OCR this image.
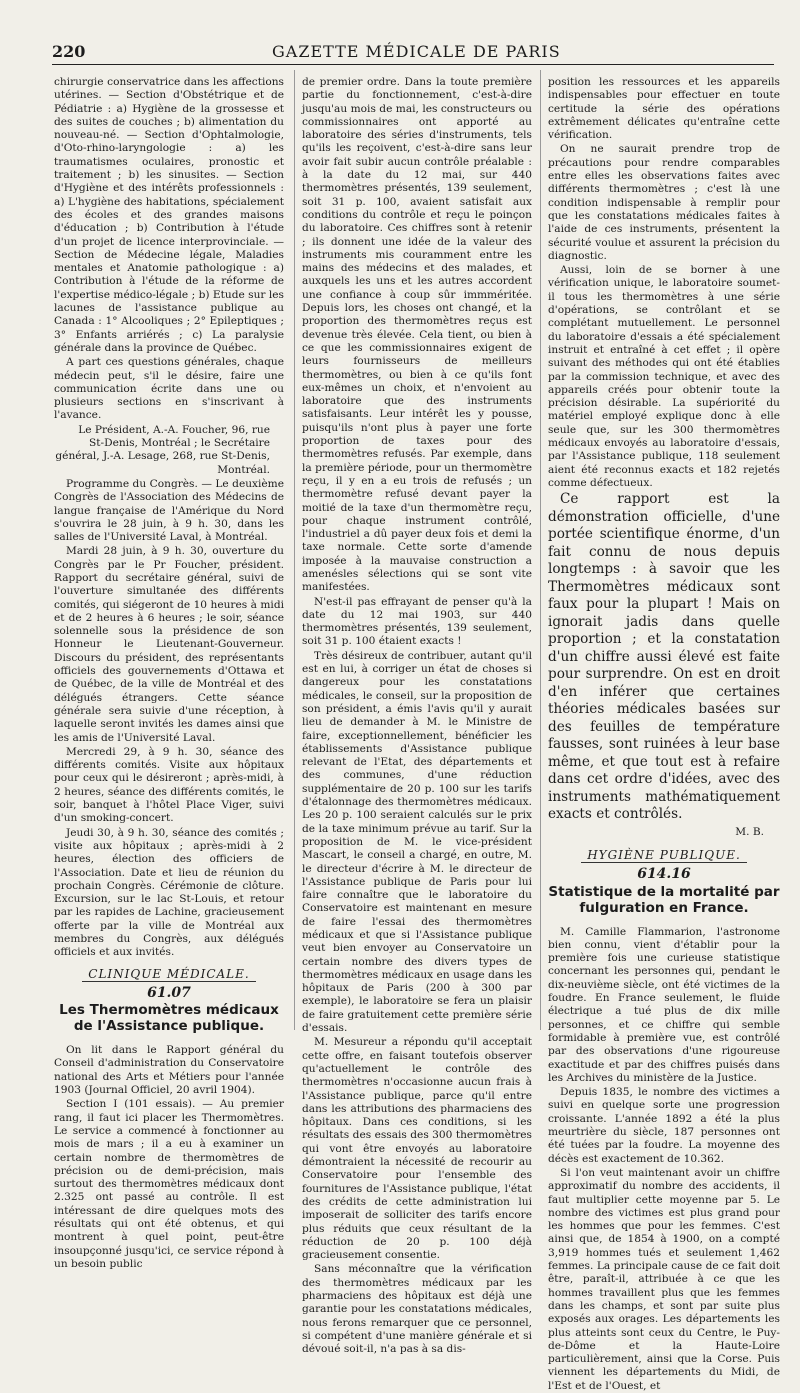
220	GAZETTE MÉDICALE DE PARIS

chirurgie conservatrice dans les affections utérines. — Section d'Obstétrique et de Pédiatrie : a) Hygiène de la grossesse et des suites de couches ; b) alimentation du nouveau-né. — Section d'Ophtalmologie, d'Oto-rhino-laryngologie : a) les traumatismes oculaires, pronostic et traitement ; b) les sinusites. — Section d'Hygiène et des intérêts professionnels : a) L'hygiène des habitations, spécialement des écoles et des grandes maisons d'éducation ; b) Contribution à l'étude d'un projet de licence interprovinciale. — Section de Médecine légale, Maladies mentales et Anatomie pathologique : a) Contribution à l'étude de la réforme de l'expertise médico-légale ; b) Etude sur les lacunes de l'assistance publique au Canada : 1° Alcooliques ; 2° Epileptiques ; 3° Enfants arriérés ; c) La paralysie générale dans la province de Québec.

A part ces questions générales, chaque médecin peut, s'il le désire, faire une communication écrite dans une ou plusieurs sections en s'inscrivant à l'avance.

Le Président, A.-A. Foucher, 96, rue St-Denis, Montréal ; le Secrétaire général, J.-A. Lesage, 268, rue St-Denis, Montréal.

Programme du Congrès. — Le deuxième Congrès de l'Association des Médecins de langue française de l'Amérique du Nord s'ouvrira le 28 juin, à 9 h. 30, dans les salles de l'Université Laval, à Montréal.

Mardi 28 juin, à 9 h. 30, ouverture du Congrès par le Pr Foucher, président. Rapport du secrétaire général, suivi de l'ouverture simultanée des différents comités, qui siégeront de 10 heures à midi et de 2 heures à 6 heures ; le soir, séance solennelle sous la présidence de son Honneur le Lieutenant-Gouverneur. Discours du président, des représentants officiels des gouvernements d'Ottawa et de Québec, de la ville de Montréal et des délégués étrangers. Cette séance générale sera suivie d'une réception, à laquelle seront invités les dames ainsi que les amis de l'Université Laval.

Mercredi 29, à 9 h. 30, séance des différents comités. Visite aux hôpitaux pour ceux qui le désireront ; après-midi, à 2 heures, séance des différents comités, le soir, banquet à l'hôtel Place Viger, suivi d'un smoking-concert.

Jeudi 30, à 9 h. 30, séance des comités ; visite aux hôpitaux ; après-midi à 2 heures, élection des officiers de l'Association. Date et lieu de réunion du prochain Congrès. Cérémonie de clôture. Excursion, sur le lac St-Louis, et retour par les rapides de Lachine, gracieusement offerte par la ville de Montréal aux membres du Congrès, aux délégués officiels et aux invités.

CLINIQUE MÉDICALE.
61.07
Les Thermomètres médicaux de l'Assistance publique.

On lit dans le Rapport général du Conseil d'administration du Conservatoire national des Arts et Métiers pour l'année 1903 (Journal Officiel, 20 avril 1904).

Section I (101 essais). — Au premier rang, il faut ici placer les Thermomètres. Le service a commencé à fonctionner au mois de mars ; il a eu à examiner un certain nombre de thermomètres de précision ou de demi-précision, mais surtout des thermomètres médicaux dont 2.325 ont passé au contrôle. Il est intéressant de dire quelques mots des résultats qui ont été obtenus, et qui montrent à quel point, peut-être insoupçonné jusqu'ici, ce service répond à un besoin public

de premier ordre. Dans la toute première partie du fonctionnement, c'est-à-dire jusqu'au mois de mai, les constructeurs ou commissionnaires ont apporté au laboratoire des séries d'instruments, tels qu'ils les reçoivent, c'est-à-dire sans leur avoir fait subir aucun contrôle préalable : à la date du 12 mai, sur 440 thermomètres présentés, 139 seulement, soit 31 p. 100, avaient satisfait aux conditions du contrôle et reçu le poinçon du laboratoire. Ces chiffres sont à retenir ; ils donnent une idée de la valeur des instruments mis couramment entre les mains des médecins et des malades, et auxquels les uns et les autres accordent une confiance à coup sûr immméritée. Depuis lors, les choses ont changé, et la proportion des thermomètres reçus est devenue très élevée. Cela tient, ou bien à ce que les commissionnaires exigent de leurs fournisseurs de meilleurs thermomètres, ou bien à ce qu'ils font eux-mêmes un choix, et n'envoient au laboratoire que des instruments satisfaisants. Leur intérêt les y pousse, puisqu'ils n'ont plus à payer une forte proportion de taxes pour des thermomètres refusés. Par exemple, dans la première période, pour un thermomètre reçu, il y en a eu trois de refusés ; un thermomètre refusé devant payer la moitié de la taxe d'un thermomètre reçu, pour chaque instrument contrôlé, l'industriel a dû payer deux fois et demi la taxe normale. Cette sorte d'amende imposée à la mauvaise construction a amenésles sélections qui se sont vite manifestées.

N'est-il pas effrayant de penser qu'à la date du 12 mai 1903, sur 440 thermomètres présentés, 139 seulement, soit 31 p. 100 étaient exacts !

Très désireux de contribuer, autant qu'il est en lui, à corriger un état de choses si dangereux pour les constatations médicales, le conseil, sur la proposition de son président, a émis l'avis qu'il y aurait lieu de demander à M. le Ministre de faire, exceptionnellement, bénéficier les établissements d'Assistance publique relevant de l'Etat, des départements et des communes, d'une réduction supplémentaire de 20 p. 100 sur les tarifs d'étalonnage des thermomètres médicaux. Les 20 p. 100 seraient calculés sur le prix de la taxe minimum prévue au tarif. Sur la proposition de M. le vice-président Mascart, le conseil a chargé, en outre, M. le directeur d'écrire à M. le directeur de l'Assistance publique de Paris pour lui faire connaître que le laboratoire du Conservatoire est maintenant en mesure de faire l'essai des thermomètres médicaux et que si l'Assistance publique veut bien envoyer au Conservatoire un certain nombre des divers types de thermomètres médicaux en usage dans les hôpitaux de Paris (200 à 300 par exemple), le laboratoire se fera un plaisir de faire gratuitement cette première série d'essais.

M. Mesureur a répondu qu'il acceptait cette offre, en faisant toutefois observer qu'actuellement le contrôle des thermomètres n'occasionne aucun frais à l'Assistance publique, parce qu'il entre dans les attributions des pharmaciens des hôpitaux. Dans ces conditions, si les résultats des essais des 300 thermomètres qui vont être envoyés au laboratoire démontraient la nécessité de recourir au Conservatoire pour l'ensemble des fournitures de l'Assistance publique, l'état des crédits de cette administration lui imposerait de solliciter des tarifs encore plus réduits que ceux résultant de la réduction de 20 p. 100 déjà gracieusement consentie.

Sans méconnaître que la vérification des thermomètres médicaux par les pharmaciens des hôpitaux est déjà une garantie pour les constatations médicales, nous ferons remarquer que ce personnel, si compétent d'une manière générale et si dévoué soit-il, n'a pas à sa dis-

position les ressources et les appareils indispensables pour effectuer en toute certitude la série des opérations extrêmement délicates qu'entraîne cette vérification.

On ne saurait prendre trop de précautions pour rendre comparables entre elles les observations faites avec différents thermomètres ; c'est là une condition indispensable à remplir pour que les constatations médicales faites à l'aide de ces instruments, présentent la sécurité voulue et assurent la précision du diagnostic.

Aussi, loin de se borner à une vérification unique, le laboratoire soumet-il tous les thermomètres à une série d'opérations, se contrôlant et se complétant mutuellement. Le personnel du laboratoire d'essais a été spécialement instruit et entraîné à cet effet ; il opère suivant des méthodes qui ont été établies par la commission technique, et avec des appareils créés pour obtenir toute la précision désirable. La supériorité du matériel employé explique donc à elle seule que, sur les 300 thermomètres médicaux envoyés au laboratoire d'essais, par l'Assistance publique, 118 seulement aient été reconnus exacts et 182 rejetés comme défectueux.

Ce rapport est la démonstration officielle, d'une portée scientifique énorme, d'un fait connu de nous depuis longtemps : à savoir que les Thermomètres médicaux sont faux pour la plupart ! Mais on ignorait jadis dans quelle proportion ; et la constatation d'un chiffre aussi élevé est faite pour surprendre. On est en droit d'en inférer que certaines théories médicales basées sur des feuilles de température fausses, sont ruinées à leur base même, et que tout est à refaire dans cet ordre d'idées, avec des instruments mathématiquement exacts et contrôlés.

M. B.
HYGIÈNE PUBLIQUE.
614.16
Statistique de la mortalité par fulguration en France.

M. Camille Flammarion, l'astronome bien connu, vient d'établir pour la première fois une curieuse statistique concernant les personnes qui, pendant le dix-neuvième siècle, ont été victimes de la foudre. En France seulement, le fluide électrique a tué plus de dix mille personnes, et ce chiffre qui semble formidable à première vue, est contrôlé par des observations d'une rigoureuse exactitude et par des chiffres puisés dans les Archives du ministère de la Justice.

Depuis 1835, le nombre des victimes a suivi en quelque sorte une progression croissante. L'année 1892 a été la plus meurtrière du siècle, 187 personnes ont été tuées par la foudre. La moyenne des décès est exactement de 10.362.

Si l'on veut maintenant avoir un chiffre approximatif du nombre des accidents, il faut multiplier cette moyenne par 5. Le nombre des victimes est plus grand pour les hommes que pour les femmes. C'est ainsi que, de 1854 à 1900, on a compté 3,919 hommes tués et seulement 1,462 femmes. La principale cause de ce fait doit être, paraît-il, attribuée à ce que les hommes travaillent plus que les femmes dans les champs, et sont par suite plus exposés aux orages. Les départements les plus atteints sont ceux du Centre, le Puy-de-Dôme et la Haute-Loire particulièrement, ainsi que la Corse. Puis viennent les départements du Midi, de l'Est et de l'Ouest, et
